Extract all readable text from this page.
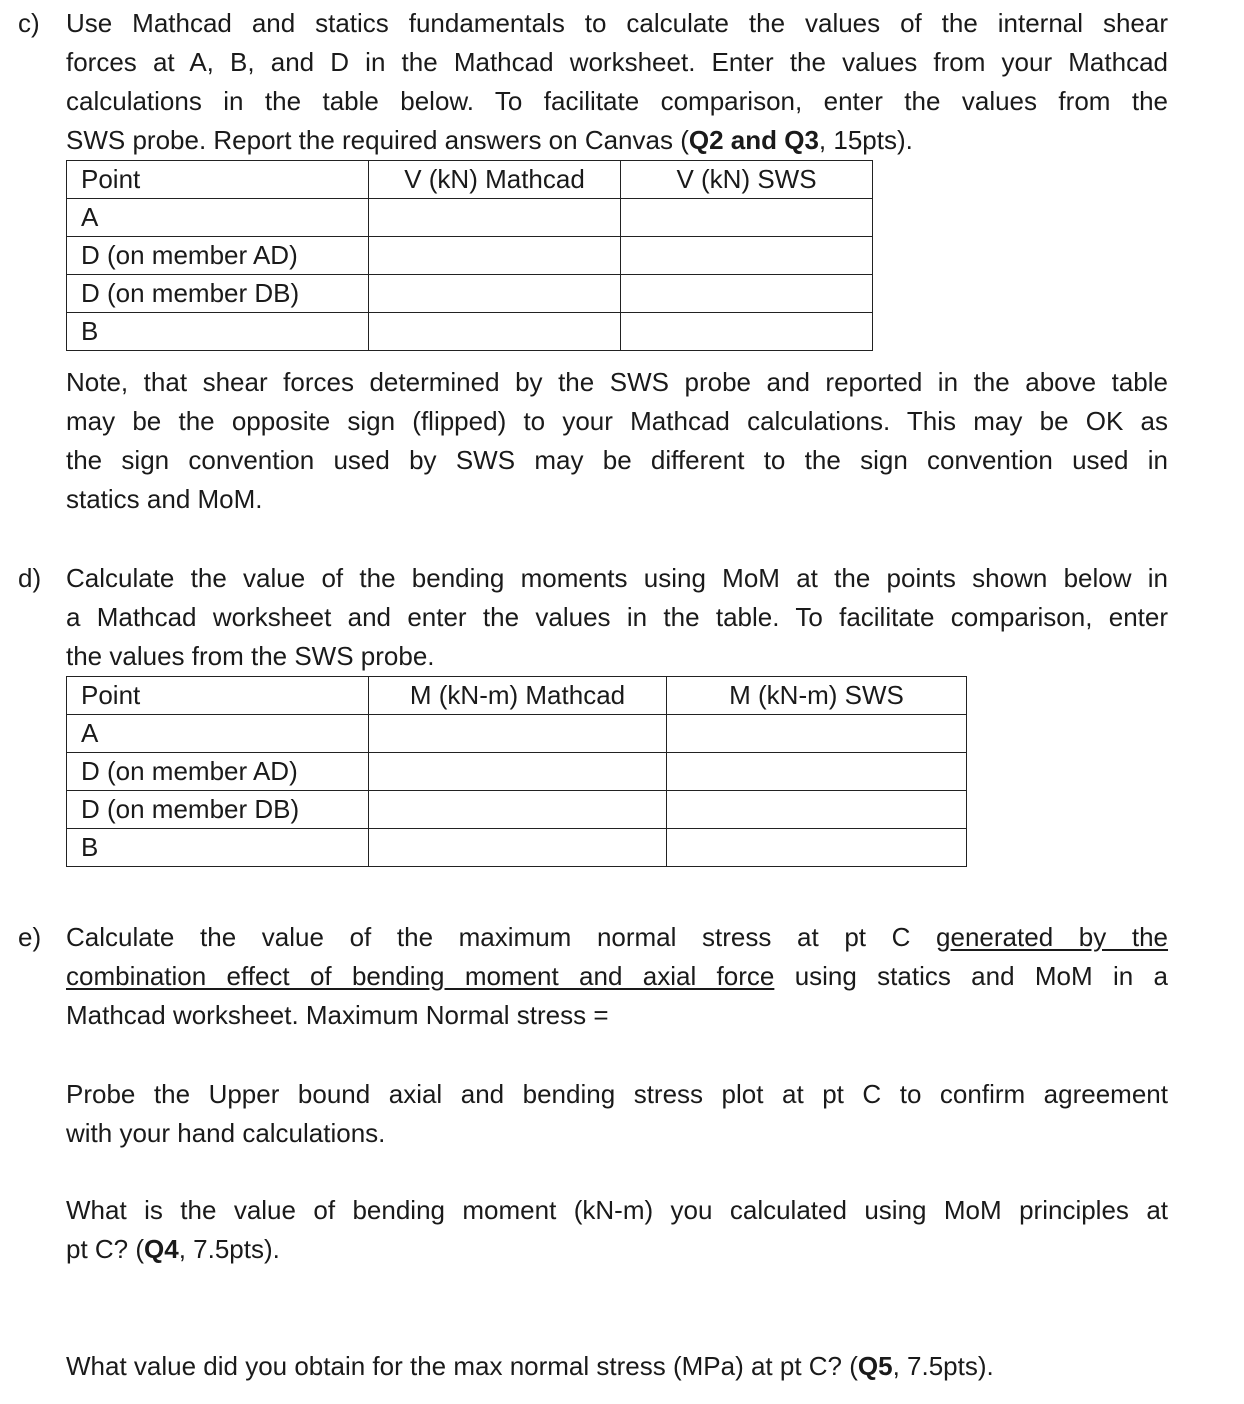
c) Use Mathcad and statics fundamentals to calculate the values of the internal shear
forces at A, B, and D in the Mathcad worksheet. Enter the values from your Mathcad
calculations in the table below. To facilitate comparison, enter the values from the
SWS probe. Report the required answers on Canvas (Q2 and Q3, 15pts).
Point	V (kN) Mathcad	V (kN) SWS
A		
D (on member AD)		
D (on member DB)		
B		
Note, that shear forces determined by the SWS probe and reported in the above table
may be the opposite sign (flipped) to your Mathcad calculations. This may be OK as
the sign convention used by SWS may be different to the sign convention used in
statics and MoM.
d) Calculate the value of the bending moments using MoM at the points shown below in
a Mathcad worksheet and enter the values in the table. To facilitate comparison, enter
the values from the SWS probe.
Point	M (kN-m) Mathcad	M (kN-m) SWS
A		
D (on member AD)		
D (on member DB)		
B		
e) Calculate the value of the maximum normal stress at pt C generated by the
combination effect of bending moment and axial force using statics and MoM in a
Mathcad worksheet. Maximum Normal stress =
Probe the Upper bound axial and bending stress plot at pt C to confirm agreement
with your hand calculations.
What is the value of bending moment (kN-m) you calculated using MoM principles at
pt C? (Q4, 7.5pts).
What value did you obtain for the max normal stress (MPa) at pt C? (Q5, 7.5pts).
